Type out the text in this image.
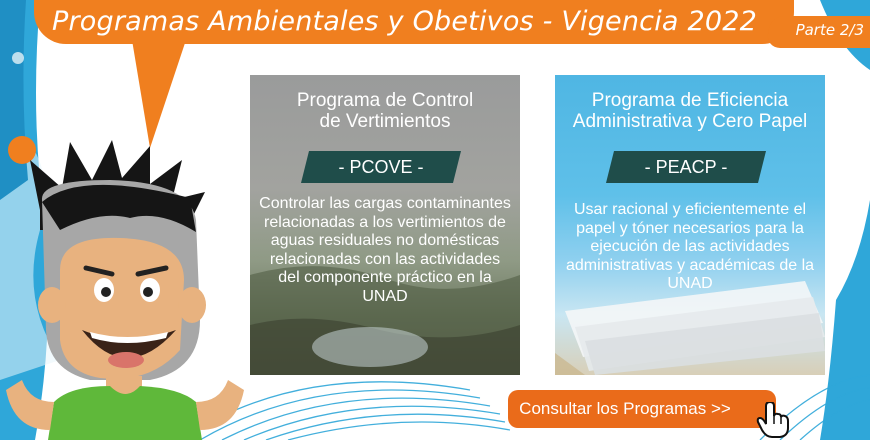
Programas Ambientales y Obetivos - Vigencia 2022	Parte 2/3
Programa de Control
de Vertimientos
- PCOVE -
Controlar las cargas contaminantes relacionadas a los vertimientos de aguas residuales no domésticas relacionadas con las actividades del componente práctico en la UNAD
Programa de Eficiencia
Administrativa y Cero Papel
- PEACP -
Usar racional y eficientemente el papel y tóner necesarios para la ejecución de las actividades administrativas y académicas de la UNAD
Consultar los Programas >>
